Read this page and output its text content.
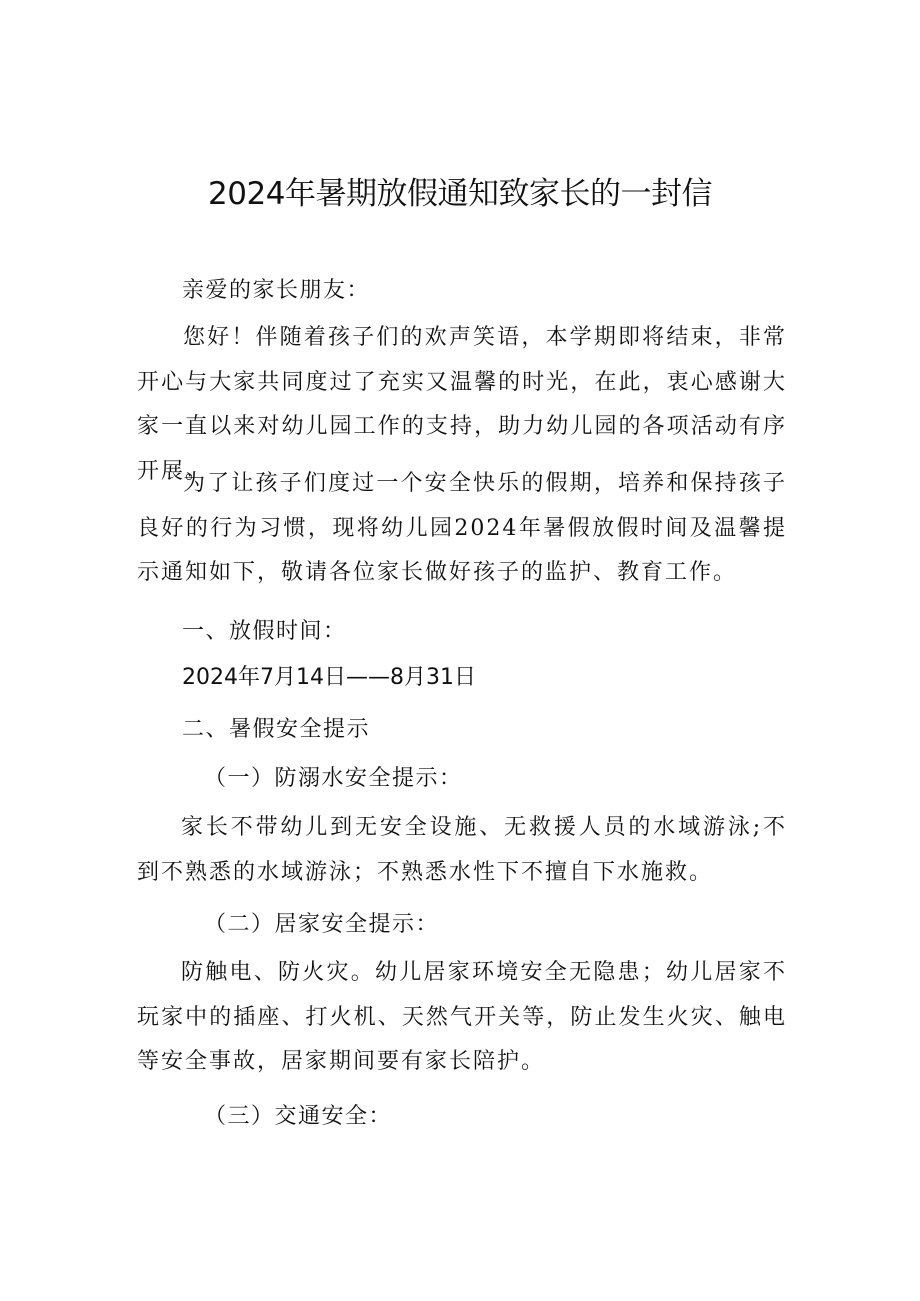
2024年暑期放假通知致家长的一封信
亲爱的家长朋友：
您好！伴随着孩子们的欢声笑语，本学期即将结束，非常开心与大家共同度过了充实又温馨的时光，在此，衷心感谢大家一直以来对幼儿园工作的支持，助力幼儿园的各项活动有序开展。
为了让孩子们度过一个安全快乐的假期，培养和保持孩子良好的行为习惯，现将幼儿园2024年暑假放假时间及温馨提示通知如下，敬请各位家长做好孩子的监护、教育工作。
一、放假时间：
2024年7月14日——8月31日
二、暑假安全提示
（一）防溺水安全提示：
家长不带幼儿到无安全设施、无救援人员的水域游泳;不到不熟悉的水域游泳；不熟悉水性下不擅自下水施救。
（二）居家安全提示：
防触电、防火灾。幼儿居家环境安全无隐患；幼儿居家不玩家中的插座、打火机、天然气开关等，防止发生火灾、触电等安全事故，居家期间要有家长陪护。
（三）交通安全：
